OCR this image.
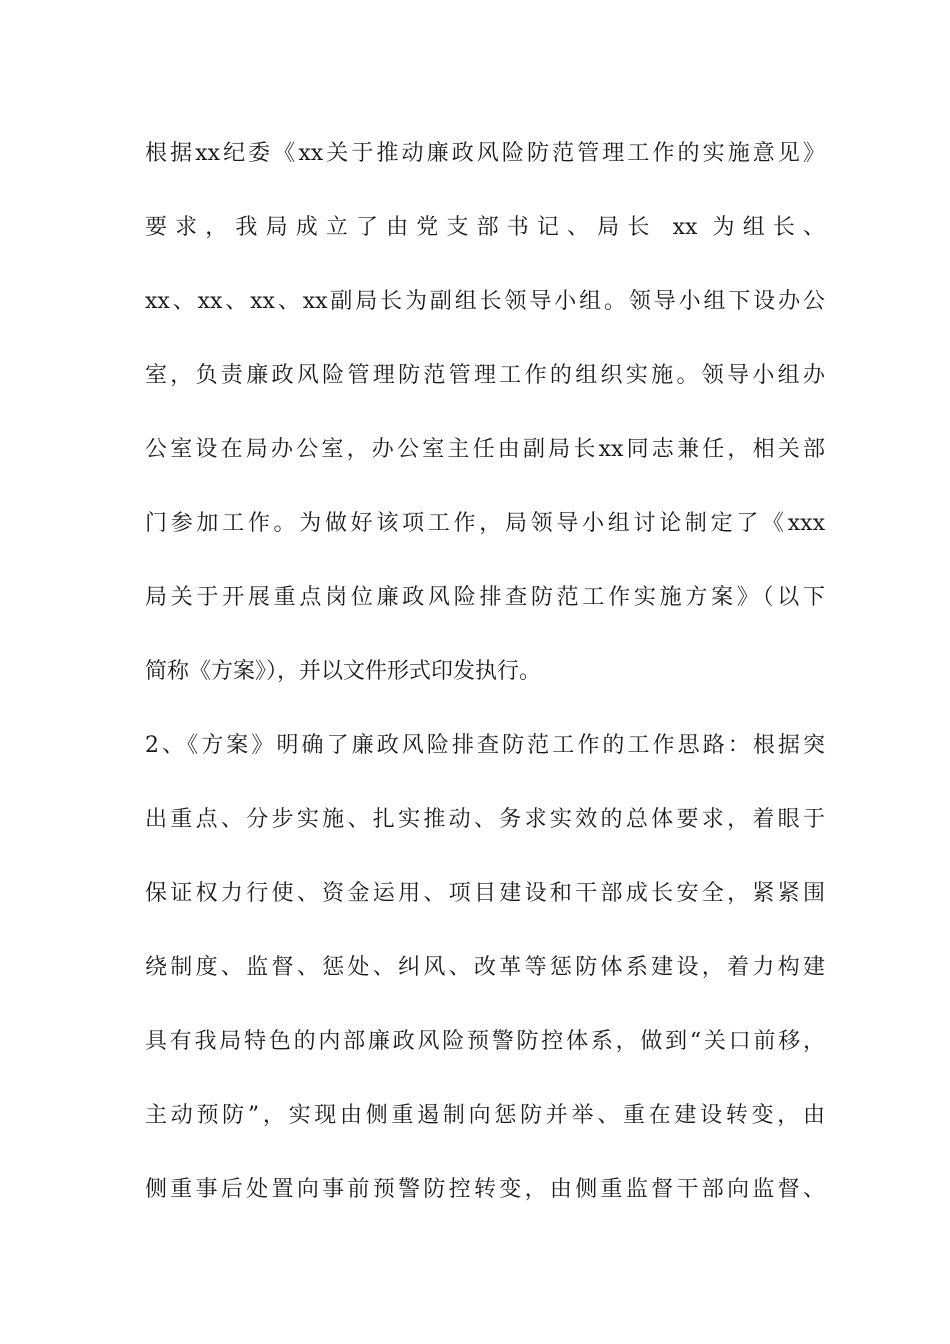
根据xx纪委《xx关于推动廉政风险防范管理工作的实施意见》
要求，我局成立了由党支部书记、局长 xx 为组长、
xx、xx、xx、xx副局长为副组长领导小组。领导小组下设办公
室，负责廉政风险管理防范管理工作的组织实施。领导小组办
公室设在局办公室，办公室主任由副局长xx同志兼任，相关部
门参加工作。为做好该项工作，局领导小组讨论制定了《xxx
局关于开展重点岗位廉政风险排查防范工作实施方案》（以下
简称《方案》），并以文件形式印发执行。
2、《方案》明确了廉政风险排查防范工作的工作思路：根据突
出重点、分步实施、扎实推动、务求实效的总体要求，着眼于
保证权力行使、资金运用、项目建设和干部成长安全，紧紧围
绕制度、监督、惩处、纠风、改革等惩防体系建设，着力构建
具有我局特色的内部廉政风险预警防控体系，做到“关口前移，
主动预防”，实现由侧重遏制向惩防并举、重在建设转变，由
侧重事后处置向事前预警防控转变，由侧重监督干部向监督、
